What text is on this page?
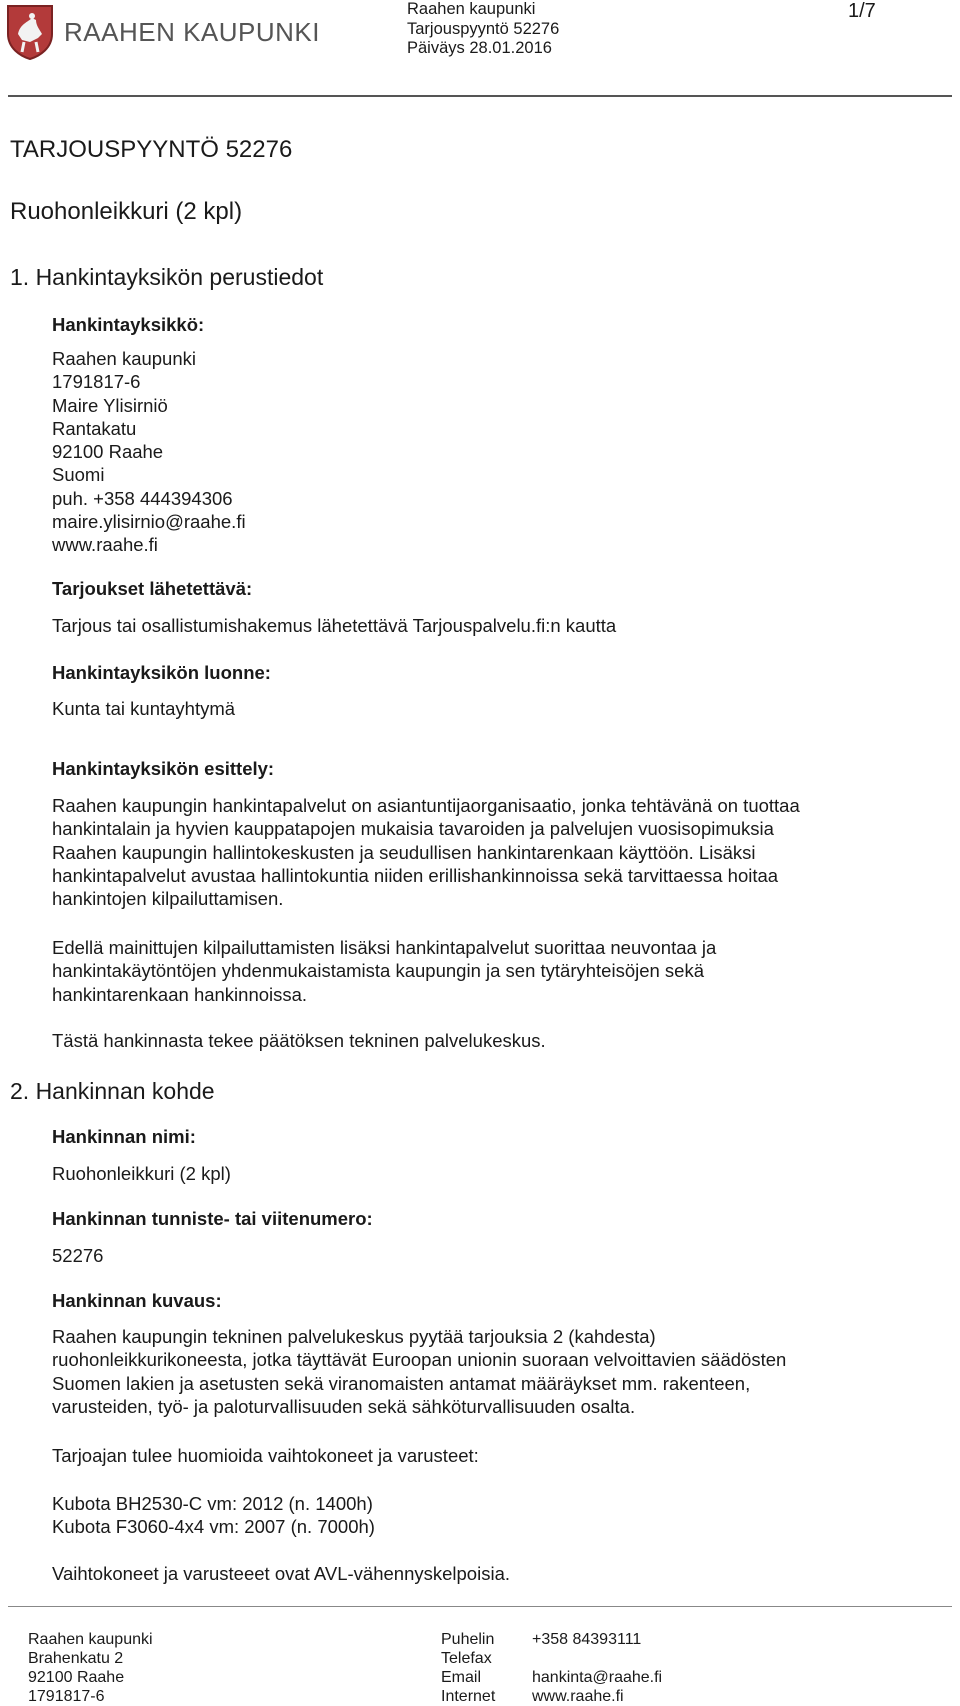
RAAHEN KAUPUNKI
Raahen kaupunki
Tarjouspyyntö 52276
Päiväys 28.01.2016
1/7
TARJOUSPYYNTÖ 52276
Ruohonleikkuri (2 kpl)
1. Hankintayksikön perustiedot
Hankintayksikkö:
Raahen kaupunki
1791817-6
Maire Ylisirniö
Rantakatu
92100 Raahe
Suomi
puh. +358 444394306
maire.ylisirnio@raahe.fi
www.raahe.fi
Tarjoukset lähetettävä:
Tarjous tai osallistumishakemus lähetettävä Tarjouspalvelu.fi:n kautta
Hankintayksikön luonne:
Kunta tai kuntayhtymä
Hankintayksikön esittely:
Raahen kaupungin hankintapalvelut on asiantuntijaorganisaatio, jonka tehtävänä on tuottaa
hankintalain ja hyvien kauppatapojen mukaisia tavaroiden ja palvelujen vuosisopimuksia
Raahen kaupungin hallintokeskusten ja seudullisen hankintarenkaan käyttöön. Lisäksi
hankintapalvelut avustaa hallintokuntia niiden erillishankinnoissa sekä tarvittaessa hoitaa
hankintojen kilpailuttamisen.
Edellä mainittujen kilpailuttamisten lisäksi hankintapalvelut suorittaa neuvontaa ja
hankintakäytöntöjen yhdenmukaistamista kaupungin ja sen tytäryhteisöjen sekä
hankintarenkaan hankinnoissa.
Tästä hankinnasta tekee päätöksen tekninen palvelukeskus.
2. Hankinnan kohde
Hankinnan nimi:
Ruohonleikkuri (2 kpl)
Hankinnan tunniste- tai viitenumero:
52276
Hankinnan kuvaus:
Raahen kaupungin tekninen palvelukeskus pyytää tarjouksia 2 (kahdesta)
ruohonleikkurikoneesta, jotka täyttävät Euroopan unionin suoraan velvoittavien säädösten
Suomen lakien ja asetusten sekä viranomaisten antamat määräykset mm. rakenteen,
varusteiden, työ- ja paloturvallisuuden sekä sähköturvallisuuden osalta.
Tarjoajan tulee huomioida vaihtokoneet ja varusteet:
Kubota BH2530-C vm: 2012 (n. 1400h)
Kubota F3060-4x4 vm: 2007 (n. 7000h)
Vaihtokoneet ja varusteeet ovat AVL-vähennyskelpoisia.
Raahen kaupunki
Brahenkatu 2
92100 Raahe
1791817-6
Puhelin
Telefax
Email
Internet
+358 84393111
hankinta@raahe.fi
www.raahe.fi
